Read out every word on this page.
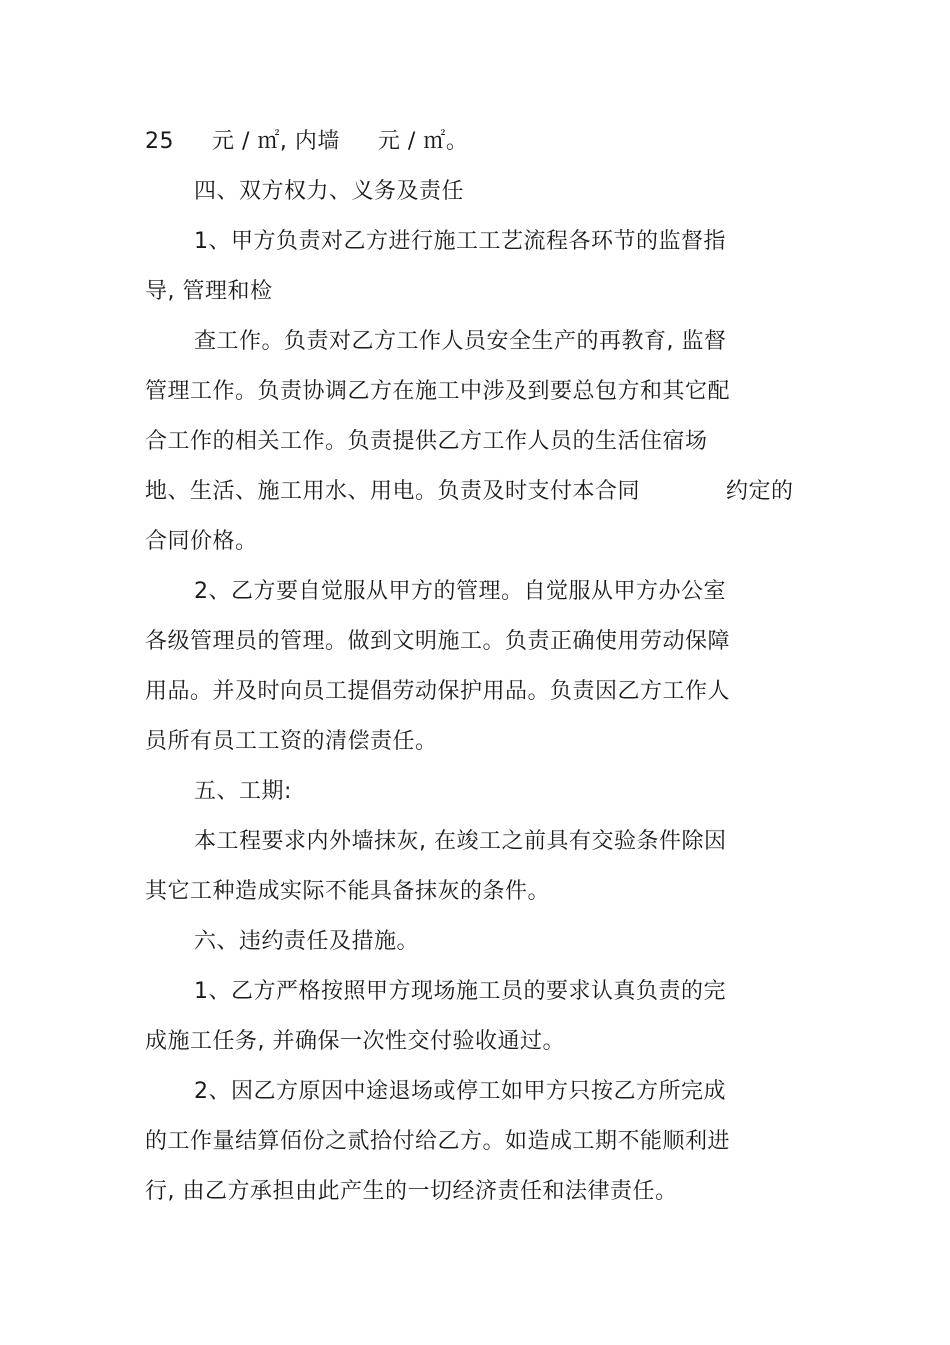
25 元 / ㎡, 内墙 元 / ㎡。
四、双方权力、义务及责任
1、甲方负责对乙方进行施工工艺流程各环节的监督指
导, 管理和检
查工作。负责对乙方工作人员安全生产的再教育, 监督
管理工作。负责协调乙方在施工中涉及到要总包方和其它配
合工作的相关工作。负责提供乙方工作人员的生活住宿场
地、生活、施工用水、用电。负责及时支付本合同	约定的
合同价格。
2、乙方要自觉服从甲方的管理。自觉服从甲方办公室
各级管理员的管理。做到文明施工。负责正确使用劳动保障
用品。并及时向员工提倡劳动保护用品。负责因乙方工作人
员所有员工工资的清偿责任。
五、工期:
本工程要求内外墙抹灰, 在竣工之前具有交验条件除因
其它工种造成实际不能具备抹灰的条件。
六、违约责任及措施。
1、乙方严格按照甲方现场施工员的要求认真负责的完
成施工任务, 并确保一次性交付验收通过。
2、因乙方原因中途退场或停工如甲方只按乙方所完成
的工作量结算佰份之贰拾付给乙方。如造成工期不能顺利进
行, 由乙方承担由此产生的一切经济责任和法律责任。
